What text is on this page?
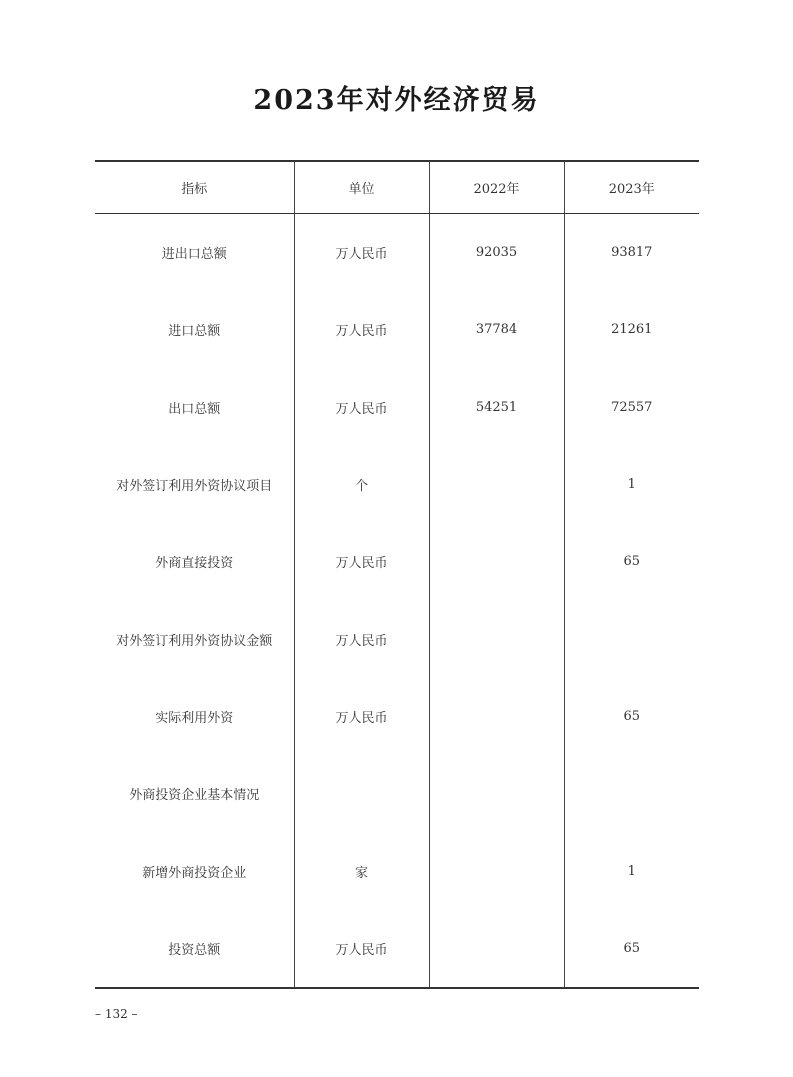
2023年对外经济贸易
指标	单位	2022年	2023年
进出口总额	万人民币	92035	93817
进口总额	万人民币	37784	21261
出口总额	万人民币	54251	72557
对外签订利用外资协议项目	个		1
外商直接投资	万人民币		65
对外签订利用外资协议金额	万人民币		
实际利用外资	万人民币		65
外商投资企业基本情况			
新增外商投资企业	家		1
投资总额	万人民币		65
– 132 –
